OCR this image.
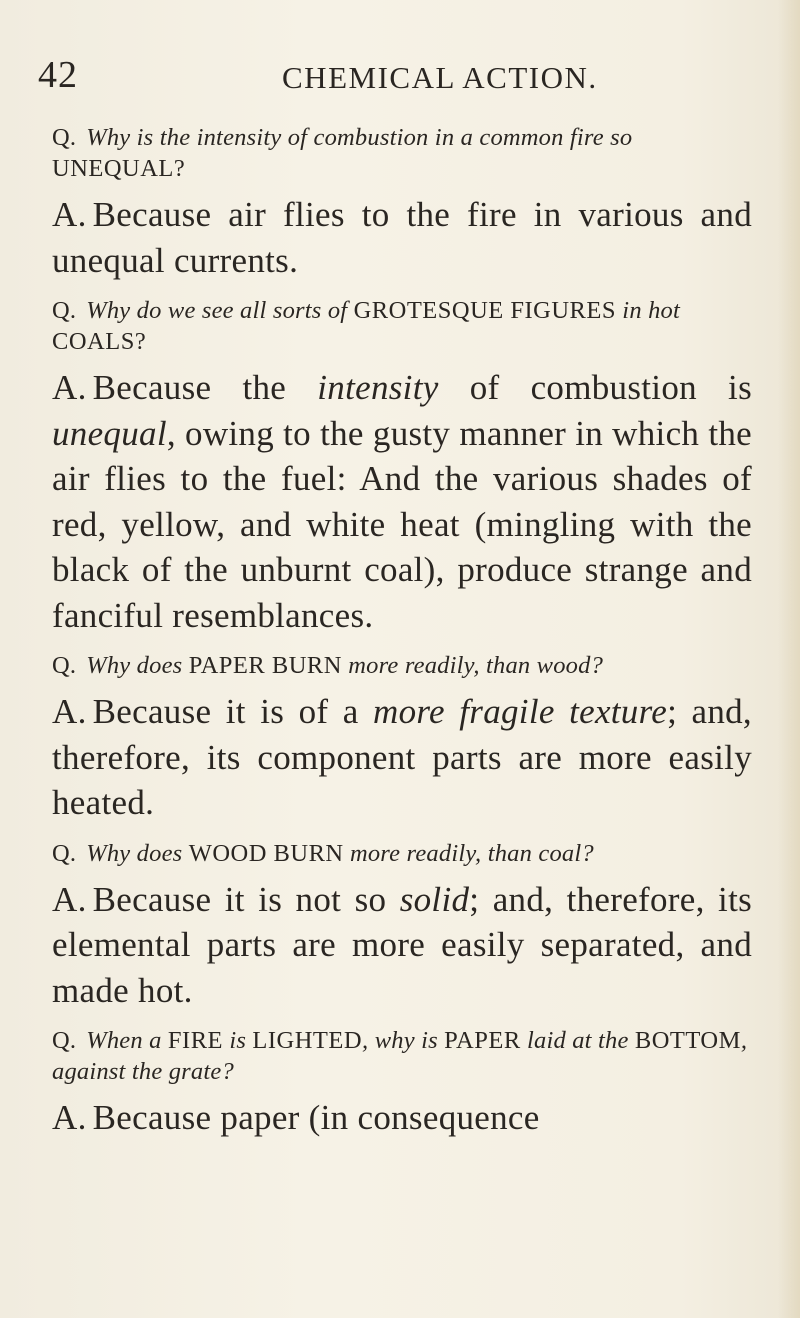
42	CHEMICAL ACTION.

Q. Why is the intensity of combustion in a common fire so UNEQUAL?

A. Because air flies to the fire in various and unequal currents.

Q. Why do we see all sorts of GROTESQUE FIGURES in hot COALS?

A. Because the intensity of combustion is unequal, owing to the gusty manner in which the air flies to the fuel: And the various shades of red, yellow, and white heat (mingling with the black of the unburnt coal), produce strange and fanciful resemblances.

Q. Why does PAPER BURN more readily, than wood?

A. Because it is of a more fragile texture; and, therefore, its component parts are more easily heated.

Q. Why does WOOD BURN more readily, than coal?

A. Because it is not so solid; and, therefore, its elemental parts are more easily separated, and made hot.

Q. When a FIRE is LIGHTED, why is PAPER laid at the BOTTOM, against the grate?

A. Because paper (in consequence
